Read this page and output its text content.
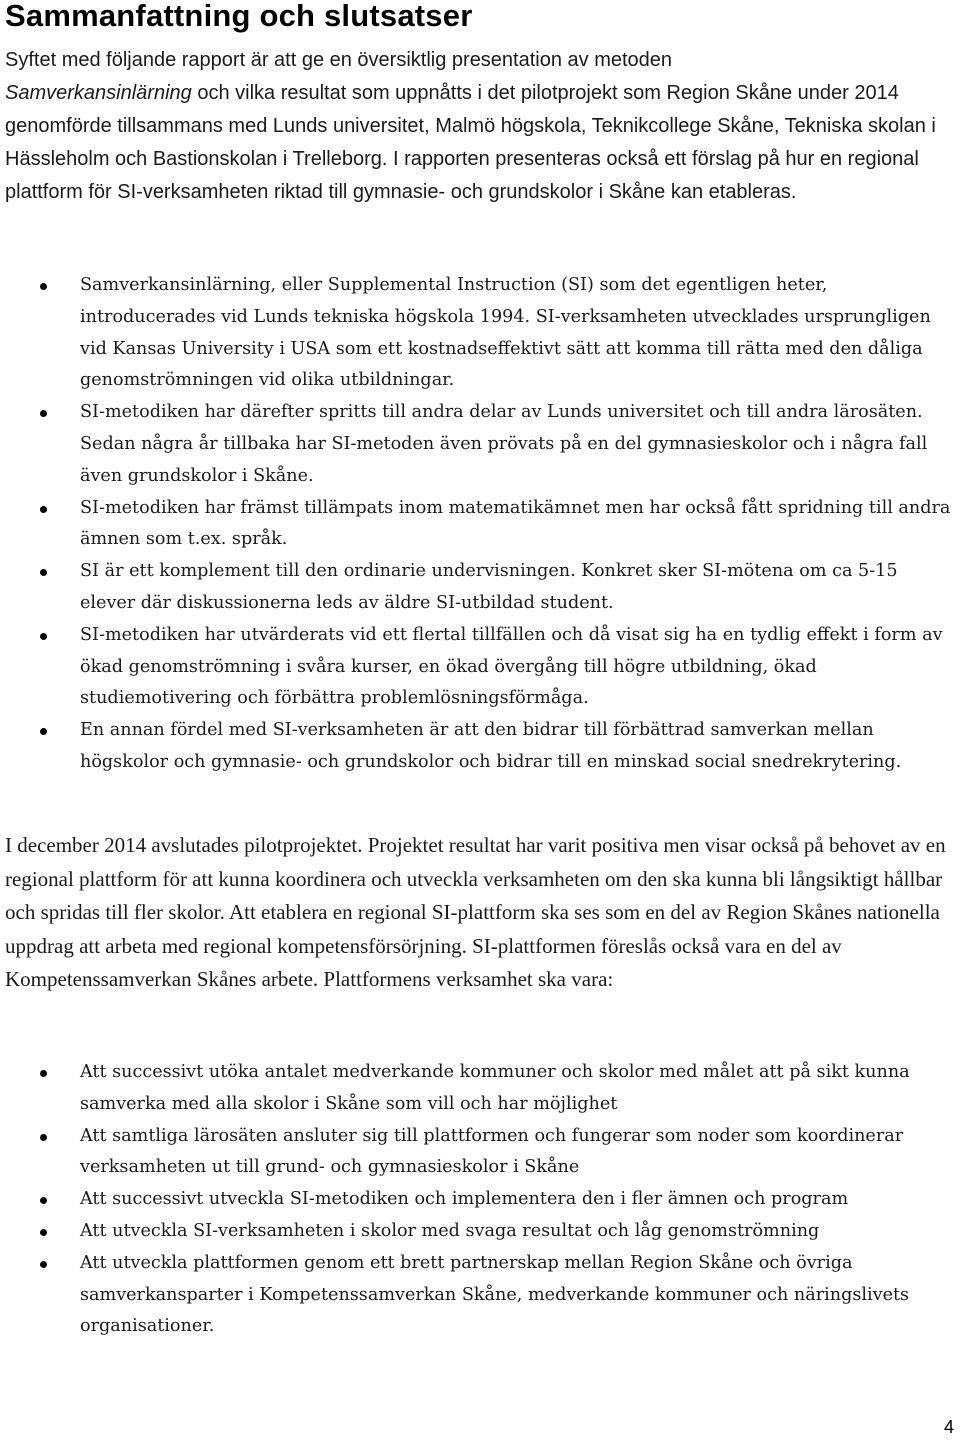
Sammanfattning och slutsatser

Syftet med följande rapport är att ge en översiktlig presentation av metoden
Samverkansinlärning och vilka resultat som uppnåtts i det pilotprojekt som Region Skåne under 2014 genomförde tillsammans med Lunds universitet, Malmö högskola, Teknikcollege Skåne, Tekniska skolan i Hässleholm och Bastionskolan i Trelleborg. I rapporten presenteras också ett förslag på hur en regional plattform för SI-verksamheten riktad till gymnasie- och grundskolor i Skåne kan etableras.

Samverkansinlärning, eller Supplemental Instruction (SI) som det egentligen heter, introducerades vid Lunds tekniska högskola 1994. SI-verksamheten utvecklades ursprungligen vid Kansas University i USA som ett kostnadseffektivt sätt att komma till rätta med den dåliga genomströmningen vid olika utbildningar.
SI-metodiken har därefter spritts till andra delar av Lunds universitet och till andra lärosäten. Sedan några år tillbaka har SI-metoden även prövats på en del gymnasieskolor och i några fall även grundskolor i Skåne.
SI-metodiken har främst tillämpats inom matematikämnet men har också fått spridning till andra ämnen som t.ex. språk.
SI är ett komplement till den ordinarie undervisningen. Konkret sker SI-mötena om ca 5-15 elever där diskussionerna leds av äldre SI-utbildad student.
SI-metodiken har utvärderats vid ett flertal tillfällen och då visat sig ha en tydlig effekt i form av ökad genomströmning i svåra kurser, en ökad övergång till högre utbildning, ökad studiemotivering och förbättra problemlösningsförmåga.
En annan fördel med SI-verksamheten är att den bidrar till förbättrad samverkan mellan högskolor och gymnasie- och grundskolor och bidrar till en minskad social snedrekrytering.

I december 2014 avslutades pilotprojektet. Projektet resultat har varit positiva men visar också på behovet av en regional plattform för att kunna koordinera och utveckla verksamheten om den ska kunna bli långsiktigt hållbar och spridas till fler skolor. Att etablera en regional SI-plattform ska ses som en del av Region Skånes nationella uppdrag att arbeta med regional kompetensförsörjning. SI-plattformen föreslås också vara en del av Kompetenssamverkan Skånes arbete. Plattformens verksamhet ska vara:

Att successivt utöka antalet medverkande kommuner och skolor med målet att på sikt kunna samverka med alla skolor i Skåne som vill och har möjlighet
Att samtliga lärosäten ansluter sig till plattformen och fungerar som noder som koordinerar verksamheten ut till grund- och gymnasieskolor i Skåne
Att successivt utveckla SI-metodiken och implementera den i fler ämnen och program
Att utveckla SI-verksamheten i skolor med svaga resultat och låg genomströmning
Att utveckla plattformen genom ett brett partnerskap mellan Region Skåne och övriga samverkansparter i Kompetenssamverkan Skåne, medverkande kommuner och näringslivets organisationer.
4
